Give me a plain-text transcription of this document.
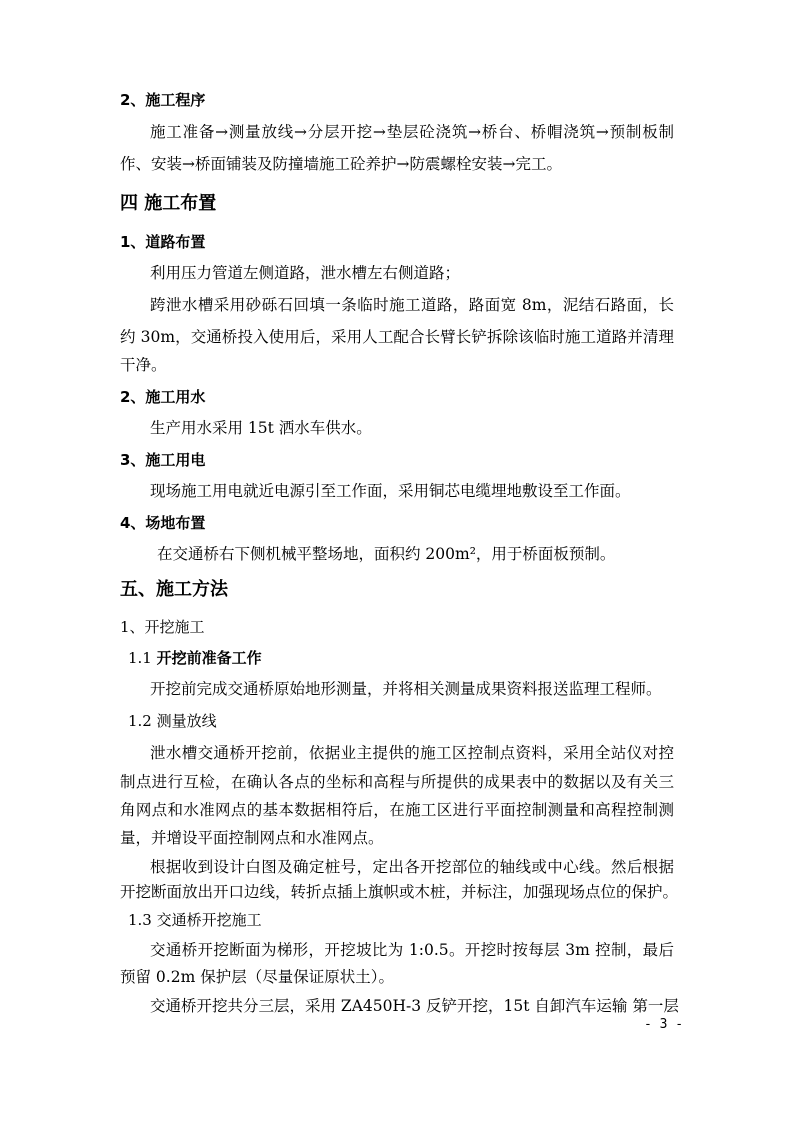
2、施工程序
施工准备→测量放线→分层开挖→垫层砼浇筑→桥台、桥帽浇筑→预制板制
作、安装→桥面铺装及防撞墙施工砼养护→防震螺栓安装→完工。
四 施工布置
1、道路布置
利用压力管道左侧道路，泄水槽左右侧道路；
跨泄水槽采用砂砾石回填一条临时施工道路，路面宽 8m，泥结石路面，长
约 30m，交通桥投入使用后，采用人工配合长臂长铲拆除该临时施工道路并清理
干净。
2、施工用水
生产用水采用 15t 洒水车供水。
3、施工用电
现场施工用电就近电源引至工作面，采用铜芯电缆埋地敷设至工作面。
4、场地布置
在交通桥右下侧机械平整场地，面积约 200m²，用于桥面板预制。
五、施工方法
1、开挖施工
1.1 开挖前准备工作
开挖前完成交通桥原始地形测量，并将相关测量成果资料报送监理工程师。
1.2 测量放线
泄水槽交通桥开挖前，依据业主提供的施工区控制点资料，采用全站仪对控
制点进行互检，在确认各点的坐标和高程与所提供的成果表中的数据以及有关三
角网点和水准网点的基本数据相符后，在施工区进行平面控制测量和高程控制测
量，并增设平面控制网点和水准网点。
根据收到设计白图及确定桩号，定出各开挖部位的轴线或中心线。然后根据
开挖断面放出开口边线，转折点插上旗帜或木桩，并标注，加强现场点位的保护。
1.3 交通桥开挖施工
交通桥开挖断面为梯形，开挖坡比为 1:0.5。开挖时按每层 3m 控制，最后
预留 0.2m 保护层（尽量保证原状土）。
交通桥开挖共分三层，采用 ZA450H-3 反铲开挖，15t 自卸汽车运输 第一层
- 3 -
